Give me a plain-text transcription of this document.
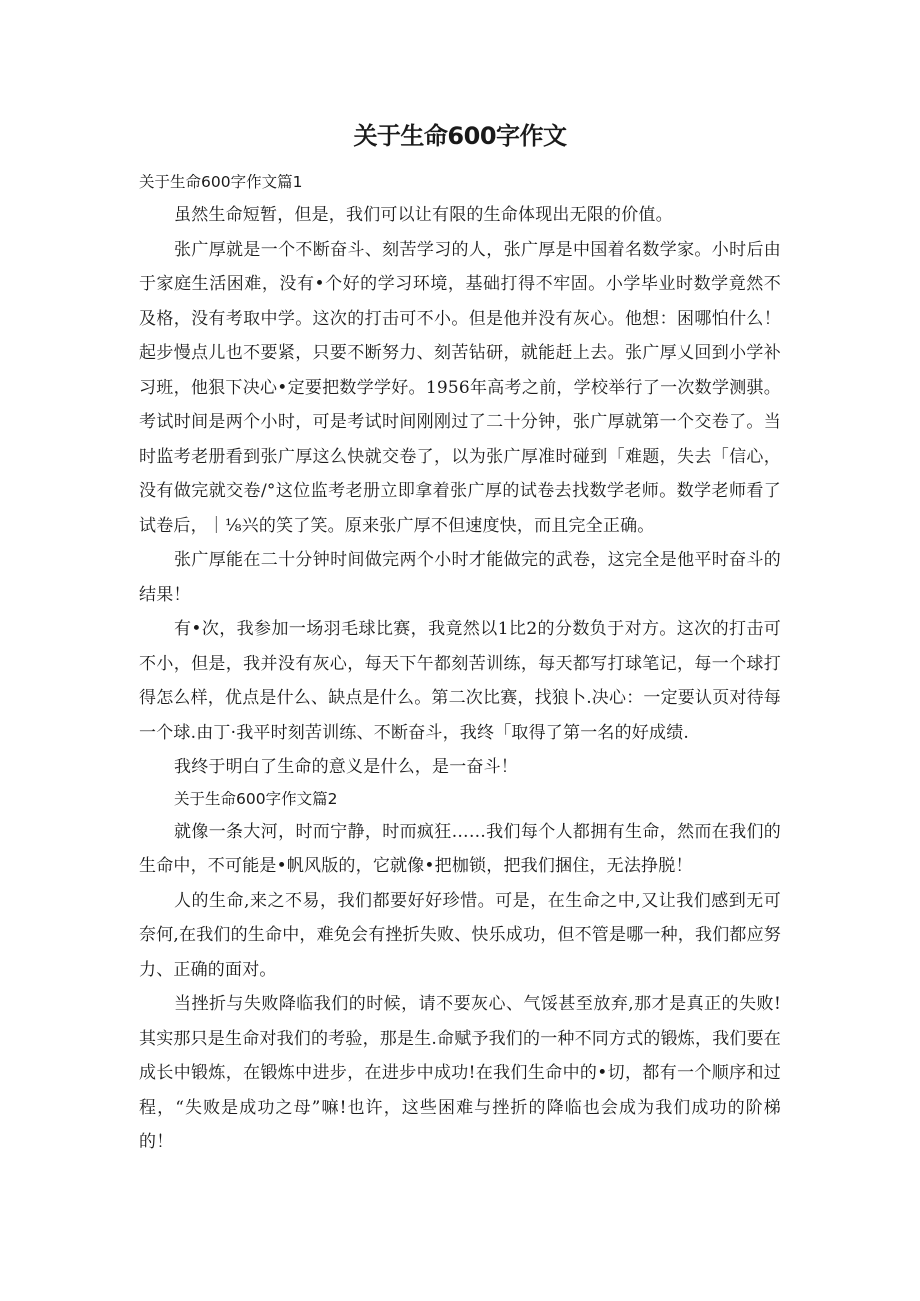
关于生命600字作文
关于生命600字作文篇1

虽然生命短暂，但是，我们可以让有限的生命体现出无限的价值。

张广厚就是一个不断奋斗、刻苦学习的人，张广厚是中国着名数学家。小时后由于家庭生活困难，没有•个好的学习环境，基础打得不牢固。小学毕业时数学竟然不及格，没有考取中学。这次的打击可不小。但是他并没有灰心。他想：困哪怕什么！起步慢点儿也不要紧，只要不断努力、刻苦钻研，就能赶上去。张广厚乂回到小学补习班，他狠下决心•定要把数学学好。1956年高考之前，学校举行了一次数学测骐。考试时间是两个小时，可是考试时间刚刚过了二十分钟，张广厚就第一个交卷了。当时监考老册看到张广厚这么快就交卷了，以为张广厚准时碰到「难题，失去「信心，没有做完就交卷/°这位监考老册立即拿着张广厚的试卷去找数学老师。数学老师看了试卷后，｜⅛兴的笑了笑。原来张广厚不但速度快，而且完全正确。

张广厚能在二十分钟时间做完两个小时才能做完的武卷，这完全是他平时奋斗的结果！

有•次，我参加一场羽毛球比赛，我竟然以1比2的分数负于对方。这次的打击可不小，但是，我并没有灰心，每天下午都刻苦训练，每天都写打球笔记，每一个球打得怎么样，优点是什么、缺点是什么。第二次比赛，找狼卜.决心：一定要认页对待每一个球.由丁·我平时刻苦训练、不断奋斗，我终「取得了第一名的好成绩.

我终于明白了生命的意义是什么，是一奋斗！

关于生命600字作文篇2

就像一条大河，时而宁静，时而疯狂……我们每个人都拥有生命，然而在我们的生命中，不可能是•帆风版的，它就像•把枷锁，把我们捆住，无法挣脱！

人的生命,来之不易，我们都要好好珍惜。可是，在生命之中,又让我们感到无可奈何,在我们的生命中，难免会有挫折失败、快乐成功，但不管是哪一种，我们都应努力、正确的面对。

当挫折与失败降临我们的时候，请不要灰心、气馁甚至放弃,那才是真正的失败!其实那只是生命对我们的考验，那是生.命赋予我们的一种不同方式的锻炼，我们要在成长中锻炼，在锻炼中进步，在进步中成功!在我们生命中的•切，都有一个顺序和过程，“失败是成功之母”嘛!也许，这些困难与挫折的降临也会成为我们成功的阶梯的！
